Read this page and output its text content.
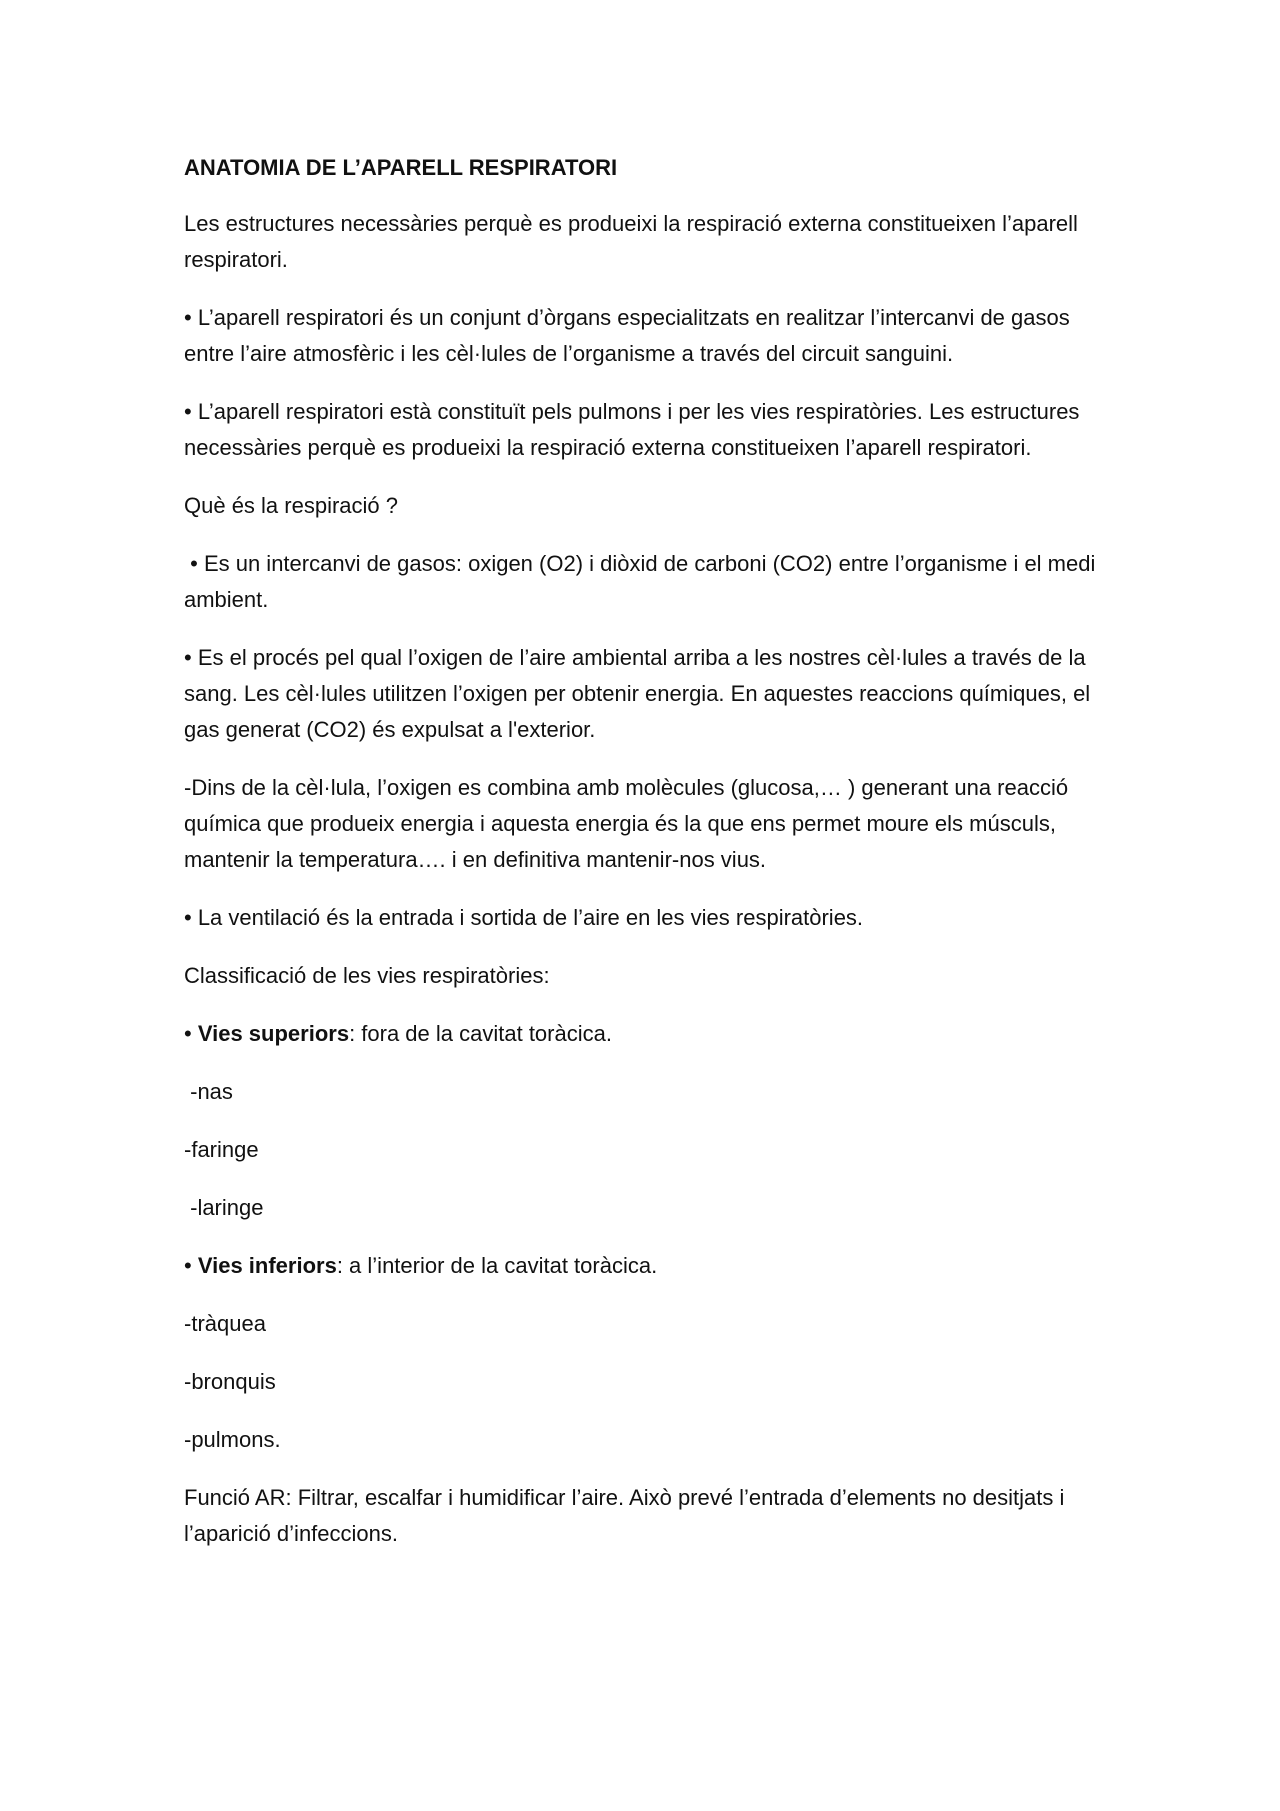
ANATOMIA DE L’APARELL RESPIRATORI
Les estructures necessàries perquè es produeixi la respiració externa constitueixen l’aparell respiratori.
• L’aparell respiratori és un conjunt d’òrgans especialitzats en realitzar l’intercanvi de gasos entre l’aire atmosfèric i les cèl·lules de l’organisme a través del circuit sanguini.
• L’aparell respiratori està constituït pels pulmons i per les vies respiratòries. Les estructures necessàries perquè es produeixi la respiració externa constitueixen l’aparell respiratori.
Què és la respiració ?
• Es un intercanvi de gasos: oxigen (O2) i diòxid de carboni (CO2) entre l’organisme i el medi ambient.
• Es el procés pel qual l’oxigen de l’aire ambiental arriba a les nostres cèl·lules a través de la sang. Les cèl·lules utilitzen l’oxigen per obtenir energia. En aquestes reaccions químiques, el gas generat (CO2) és expulsat a l'exterior.
-Dins de la cèl·lula, l’oxigen es combina amb molècules (glucosa,… ) generant una reacció química que produeix energia i aquesta energia és la que ens permet moure els músculs, mantenir la temperatura…. i en definitiva mantenir-nos vius.
• La ventilació és la entrada i sortida de l’aire en les vies respiratòries.
Classificació de les vies respiratòries:
• Vies superiors: fora de la cavitat toràcica.
-nas
-faringe
-laringe
• Vies inferiors: a l’interior de la cavitat toràcica.
-tràquea
-bronquis
-pulmons.
Funció AR: Filtrar, escalfar i humidificar l’aire. Això prevé l’entrada d’elements no desitjats i l’aparició d’infeccions.
